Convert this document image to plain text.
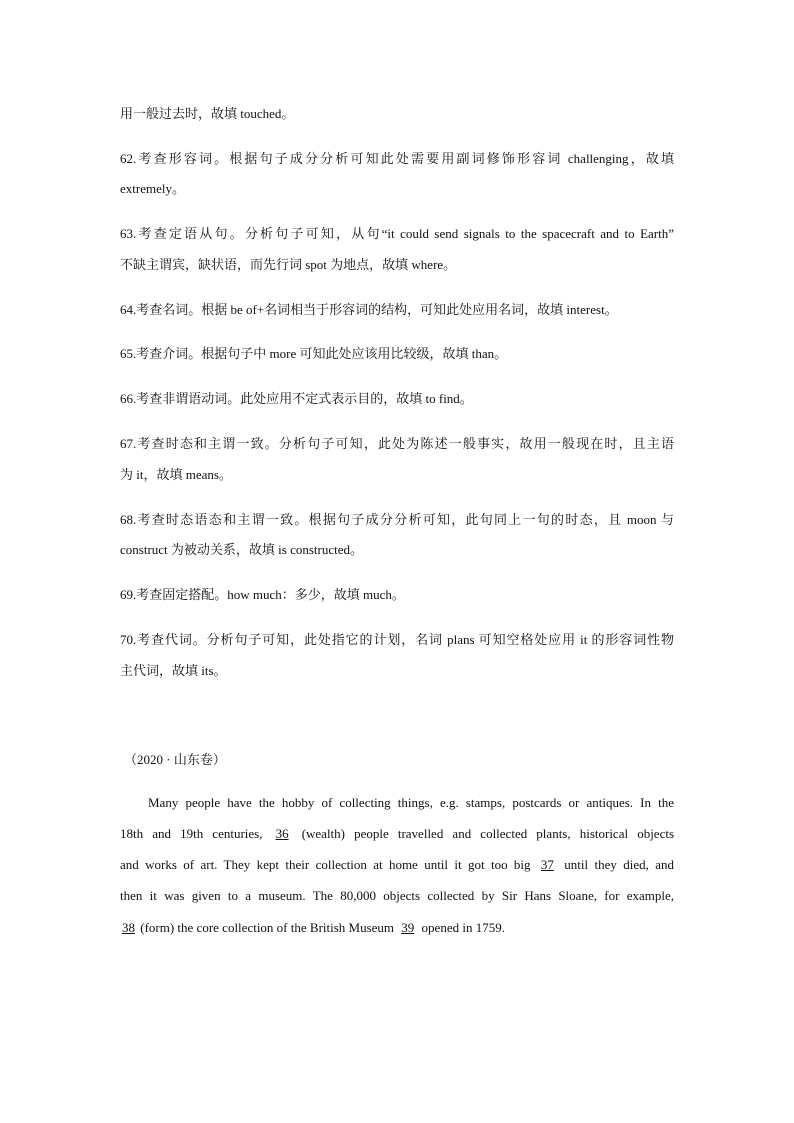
用一般过去时，故填 touched。
62.考查形容词。根据句子成分分析可知此处需要用副词修饰形容词 challenging，故填
extremely。
63.考查定语从句。分析句子可知，从句“it could send signals to the spacecraft and to Earth”
不缺主谓宾，缺状语，而先行词 spot 为地点，故填 where。
64.考查名词。根据 be of+名词相当于形容词的结构，可知此处应用名词，故填 interest。
65.考查介词。根据句子中 more 可知此处应该用比较级，故填 than。
66.考查非谓语动词。此处应用不定式表示目的，故填 to find。
67.考查时态和主谓一致。分析句子可知，此处为陈述一般事实，故用一般现在时，且主语
为 it，故填 means。
68.考查时态语态和主谓一致。根据句子成分分析可知，此句同上一句的时态，且 moon 与
construct 为被动关系，故填 is constructed。
69.考查固定搭配。how much：多少，故填 much。
70.考查代词。分析句子可知，此处指它的计划，名词 plans 可知空格处应用 it 的形容词性物
主代词，故填 its。
（2020 · 山东卷）
Many people have the hobby of collecting things, e.g. stamps, postcards or antiques. In the
18th and 19th centuries, 36 (wealth) people travelled and collected plants, historical objects
and works of art. They kept their collection at home until it got too big 37 until they died, and
then it was given to a museum. The 80,000 objects collected by Sir Hans Sloane, for example,
38 (form) the core collection of the British Museum 39 opened in 1759.
